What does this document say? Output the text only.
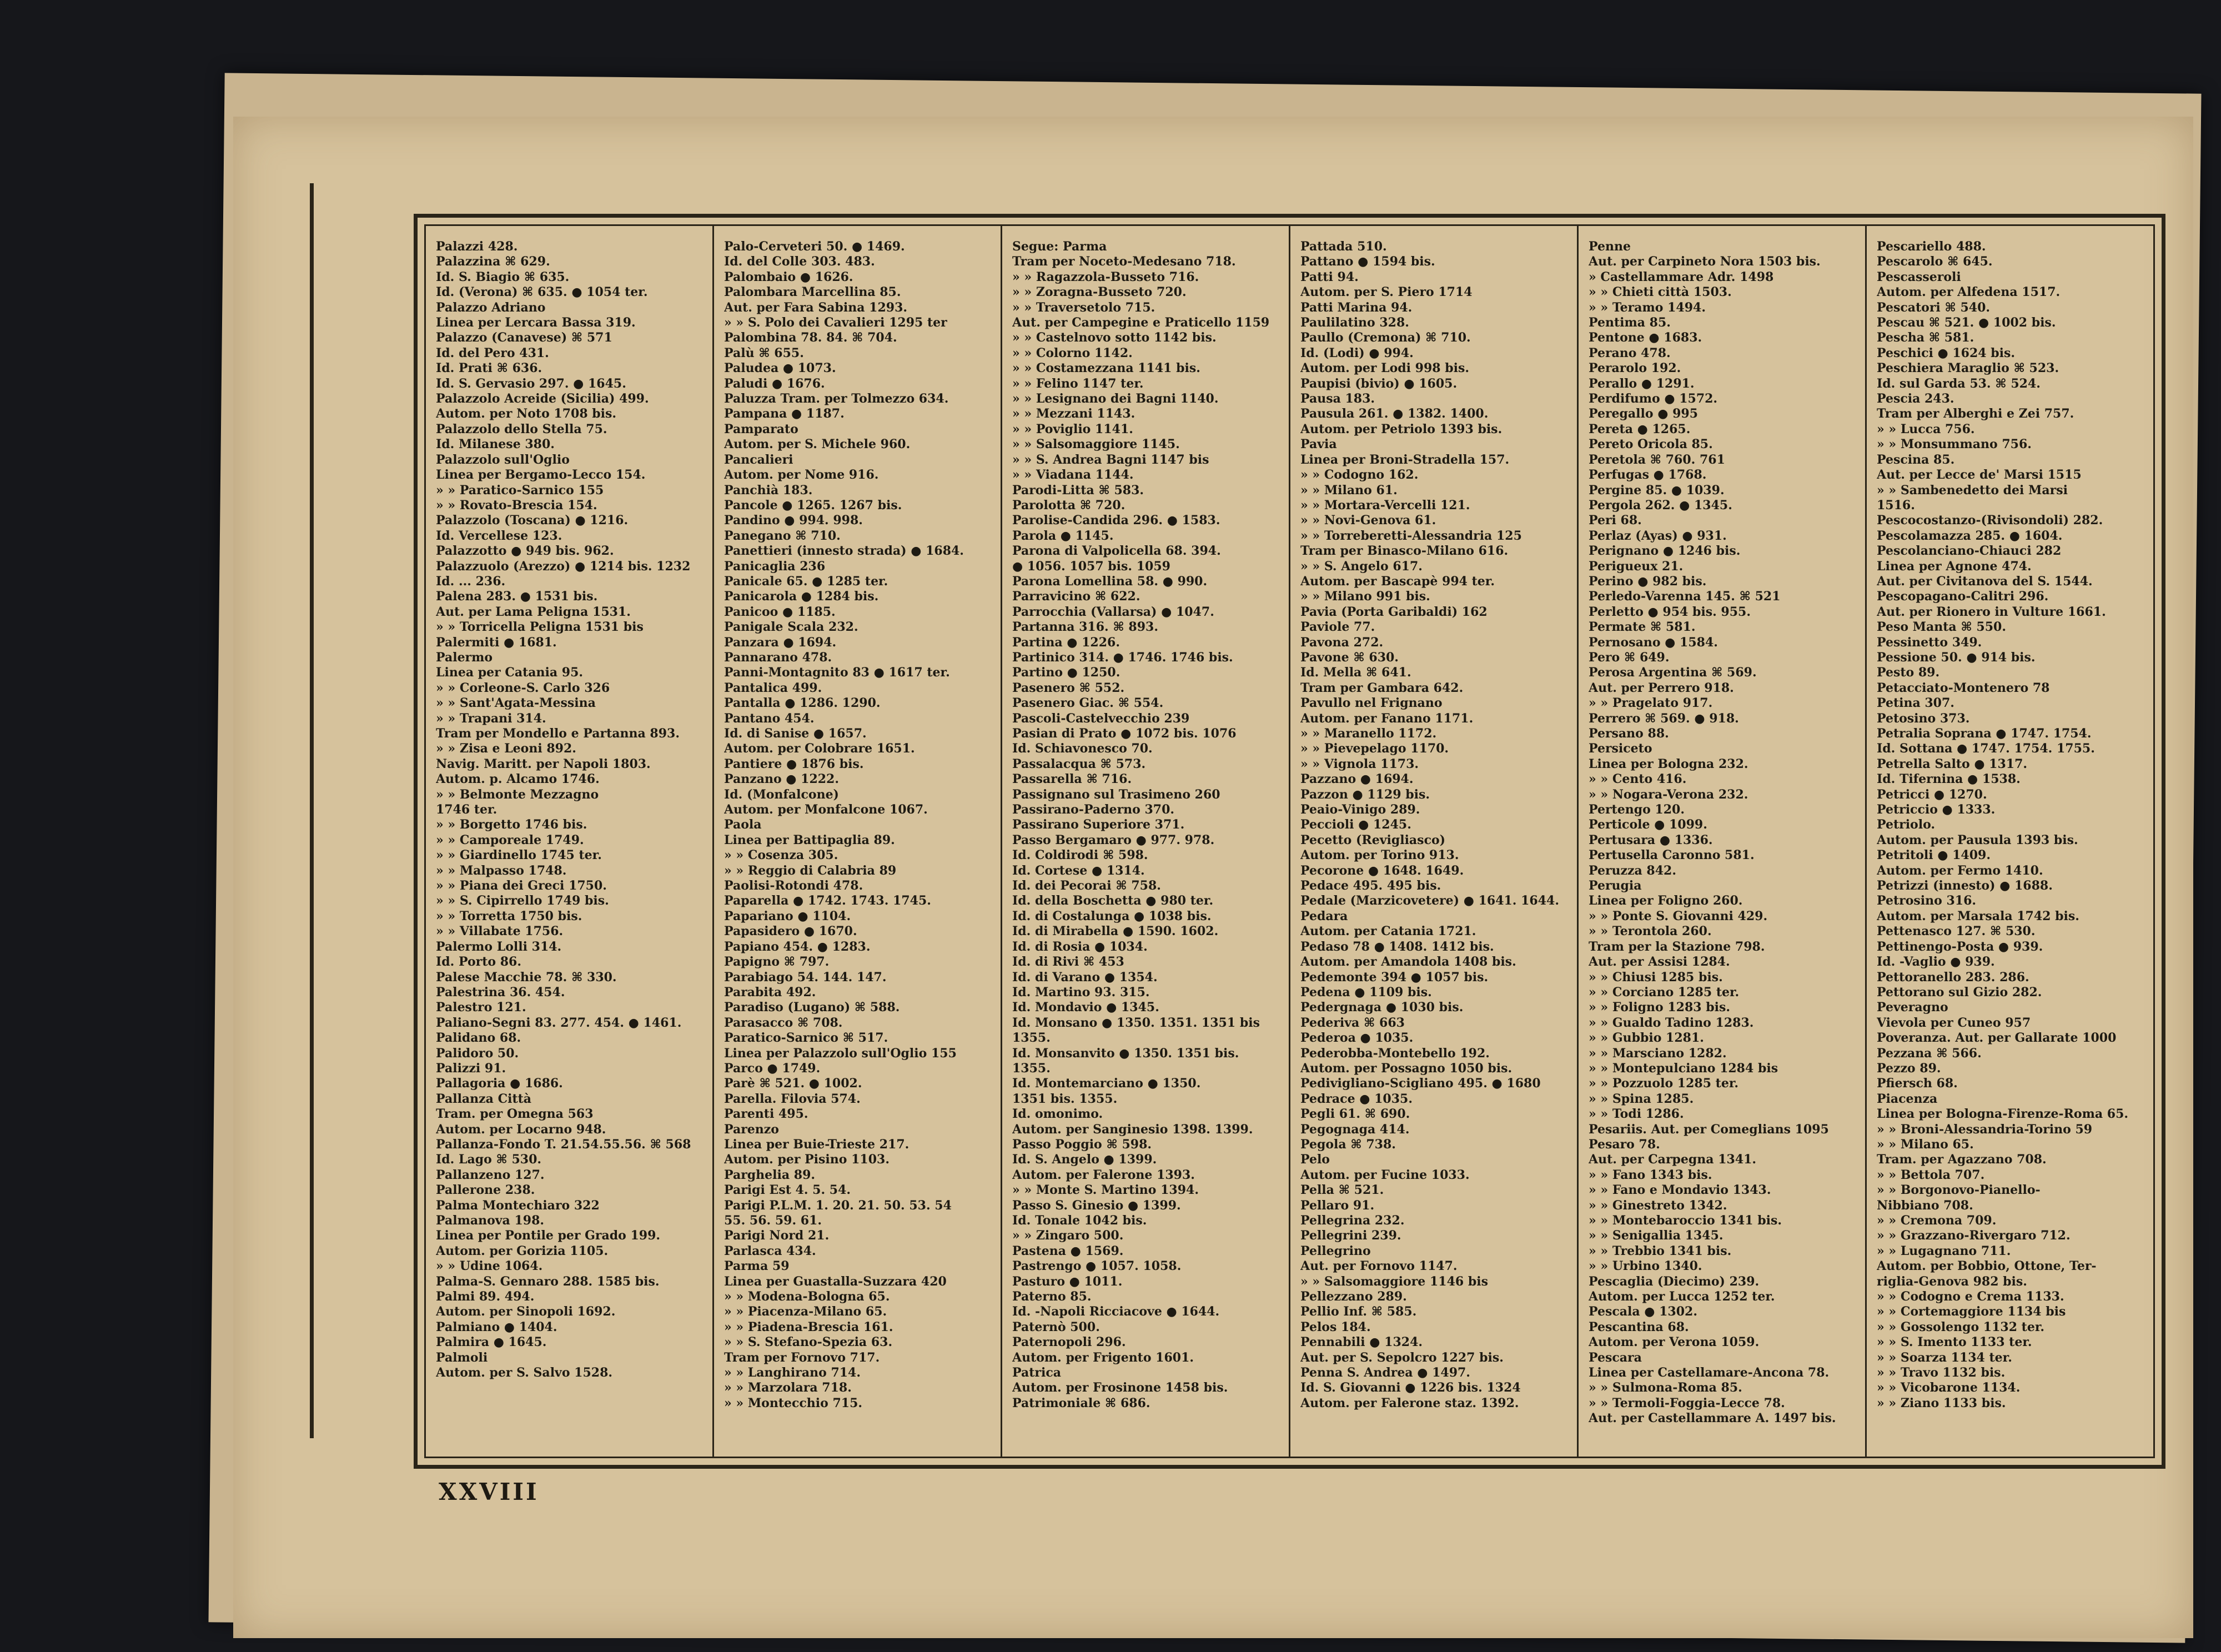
Palazzi 428.
Palazzina ⌘ 629.
Id. S. Biagio ⌘ 635.
Id. (Verona) ⌘ 635. ● 1054 ter.
Palazzo Adriano
Linea per Lercara Bassa 319.
Palazzo (Canavese) ⌘ 571
Id. del Pero 431.
Id. Prati ⌘ 636.
Id. S. Gervasio 297. ● 1645.
Palazzolo Acreide (Sicilia) 499.
Autom. per Noto 1708 bis.
Palazzolo dello Stella 75.
Id. Milanese 380.
Palazzolo sull'Oglio
Linea per Bergamo-Lecco 154.
» » Paratico-Sarnico 155
» » Rovato-Brescia 154.
Palazzolo (Toscana) ● 1216.
Id. Vercellese 123.
Palazzotto ● 949 bis. 962.
Palazzuolo (Arezzo) ● 1214 bis. 1232
Id. ... 236.
Palena 283. ● 1531 bis.
Aut. per Lama Peligna 1531.
» » Torricella Peligna 1531 bis
Palermiti ● 1681.
Palermo
Linea per Catania 95.
» » Corleone-S. Carlo 326
» » Sant'Agata-Messina
» » Trapani 314.
Tram per Mondello e Partanna 893.
» » Zisa e Leoni 892.
Navig. Maritt. per Napoli 1803.
Autom. p. Alcamo 1746.
» » Belmonte Mezzagno
1746 ter.
» » Borgetto 1746 bis.
» » Camporeale 1749.
» » Giardinello 1745 ter.
» » Malpasso 1748.
» » Piana dei Greci 1750.
» » S. Cipirrello 1749 bis.
» » Torretta 1750 bis.
» » Villabate 1756.
Palermo Lolli 314.
Id. Porto 86.
Palese Macchie 78. ⌘ 330.
Palestrina 36. 454.
Palestro 121.
Paliano-Segni 83. 277. 454. ● 1461.
Palidano 68.
Palidoro 50.
Palizzi 91.
Pallagoria ● 1686.
Pallanza Città
Tram. per Omegna 563
Autom. per Locarno 948.
Pallanza-Fondo T. 21.54.55.56. ⌘ 568
Id. Lago ⌘ 530.
Pallanzeno 127.
Pallerone 238.
Palma Montechiaro 322
Palmanova 198.
Linea per Pontile per Grado 199.
Autom. per Gorizia 1105.
» » Udine 1064.
Palma-S. Gennaro 288. 1585 bis.
Palmi 89. 494.
Autom. per Sinopoli 1692.
Palmiano ● 1404.
Palmira ● 1645.
Palmoli
Autom. per S. Salvo 1528.
Palo-Cerveteri 50. ● 1469.
Id. del Colle 303. 483.
Palombaio ● 1626.
Palombara Marcellina 85.
Aut. per Fara Sabina 1293.
» » S. Polo dei Cavalieri 1295 ter
Palombina 78. 84. ⌘ 704.
Palù ⌘ 655.
Paludea ● 1073.
Paludi ● 1676.
Paluzza Tram. per Tolmezzo 634.
Pampana ● 1187.
Pamparato
Autom. per S. Michele 960.
Pancalieri
Autom. per Nome 916.
Panchià 183.
Pancole ● 1265. 1267 bis.
Pandino ● 994. 998.
Panegano ⌘ 710.
Panettieri (innesto strada) ● 1684.
Panicaglia 236
Panicale 65. ● 1285 ter.
Panicarola ● 1284 bis.
Panicoo ● 1185.
Panigale Scala 232.
Panzara ● 1694.
Pannarano 478.
Panni-Montagnito 83 ● 1617 ter.
Pantalica 499.
Pantalla ● 1286. 1290.
Pantano 454.
Id. di Sanise ● 1657.
Autom. per Colobrare 1651.
Pantiere ● 1876 bis.
Panzano ● 1222.
Id. (Monfalcone)
Autom. per Monfalcone 1067.
Paola
Linea per Battipaglia 89.
» » Cosenza 305.
» » Reggio di Calabria 89
Paolisi-Rotondi 478.
Paparella ● 1742. 1743. 1745.
Papariano ● 1104.
Papasidero ● 1670.
Papiano 454. ● 1283.
Papigno ⌘ 797.
Parabiago 54. 144. 147.
Parabita 492.
Paradiso (Lugano) ⌘ 588.
Parasacco ⌘ 708.
Paratico-Sarnico ⌘ 517.
Linea per Palazzolo sull'Oglio 155
Parco ● 1749.
Parè ⌘ 521. ● 1002.
Parella. Filovia 574.
Parenti 495.
Parenzo
Linea per Buie-Trieste 217.
Autom. per Pisino 1103.
Parghelia 89.
Parigi Est 4. 5. 54.
Parigi P.L.M. 1. 20. 21. 50. 53. 54
55. 56. 59. 61.
Parigi Nord 21.
Parlasca 434.
Parma 59
Linea per Guastalla-Suzzara 420
» » Modena-Bologna 65.
» » Piacenza-Milano 65.
» » Piadena-Brescia 161.
» » S. Stefano-Spezia 63.
Tram per Fornovo 717.
» » Langhirano 714.
» » Marzolara 718.
» » Montecchio 715.
Segue: Parma
Tram per Noceto-Medesano 718.
» » Ragazzola-Busseto 716.
» » Zoragna-Busseto 720.
» » Traversetolo 715.
Aut. per Campegine e Praticello 1159
» » Castelnovo sotto 1142 bis.
» » Colorno 1142.
» » Costamezzana 1141 bis.
» » Felino 1147 ter.
» » Lesignano dei Bagni 1140.
» » Mezzani 1143.
» » Poviglio 1141.
» » Salsomaggiore 1145.
» » S. Andrea Bagni 1147 bis
» » Viadana 1144.
Parodi-Litta ⌘ 583.
Parolotta ⌘ 720.
Parolise-Candida 296. ● 1583.
Parola ● 1145.
Parona di Valpolicella 68. 394.
● 1056. 1057 bis. 1059
Parona Lomellina 58. ● 990.
Parravicino ⌘ 622.
Parrocchia (Vallarsa) ● 1047.
Partanna 316. ⌘ 893.
Partina ● 1226.
Partinico 314. ● 1746. 1746 bis.
Partino ● 1250.
Pasenero ⌘ 552.
Pasenero Giac. ⌘ 554.
Pascoli-Castelvecchio 239
Pasian di Prato ● 1072 bis. 1076
Id. Schiavonesco 70.
Passalacqua ⌘ 573.
Passarella ⌘ 716.
Passignano sul Trasimeno 260
Passirano-Paderno 370.
Passirano Superiore 371.
Passo Bergamaro ● 977. 978.
Id. Coldirodi ⌘ 598.
Id. Cortese ● 1314.
Id. dei Pecorai ⌘ 758.
Id. della Boschetta ● 980 ter.
Id. di Costalunga ● 1038 bis.
Id. di Mirabella ● 1590. 1602.
Id. di Rosia ● 1034.
Id. di Rivi ⌘ 453
Id. di Varano ● 1354.
Id. Martino 93. 315.
Id. Mondavio ● 1345.
Id. Monsano ● 1350. 1351. 1351 bis
1355.
Id. Monsanvito ● 1350. 1351 bis.
1355.
Id. Montemarciano ● 1350.
1351 bis. 1355.
Id. omonimo.
Autom. per Sanginesio 1398. 1399.
Passo Poggio ⌘ 598.
Id. S. Angelo ● 1399.
Autom. per Falerone 1393.
» » Monte S. Martino 1394.
Passo S. Ginesio ● 1399.
Id. Tonale 1042 bis.
» » Zingaro 500.
Pastena ● 1569.
Pastrengo ● 1057. 1058.
Pasturo ● 1011.
Paterno 85.
Id. -Napoli Ricciacove ● 1644.
Paternò 500.
Paternopoli 296.
Autom. per Frigento 1601.
Patrica
Autom. per Frosinone 1458 bis.
Patrimoniale ⌘ 686.
Pattada 510.
Pattano ● 1594 bis.
Patti 94.
Autom. per S. Piero 1714
Patti Marina 94.
Paulilatino 328.
Paullo (Cremona) ⌘ 710.
Id. (Lodi) ● 994.
Autom. per Lodi 998 bis.
Paupisi (bivio) ● 1605.
Pausa 183.
Pausula 261. ● 1382. 1400.
Autom. per Petriolo 1393 bis.
Pavia
Linea per Broni-Stradella 157.
» » Codogno 162.
» » Milano 61.
» » Mortara-Vercelli 121.
» » Novi-Genova 61.
» » Torreberetti-Alessandria 125
Tram per Binasco-Milano 616.
» » S. Angelo 617.
Autom. per Bascapè 994 ter.
» » Milano 991 bis.
Pavia (Porta Garibaldi) 162
Paviole 77.
Pavona 272.
Pavone ⌘ 630.
Id. Mella ⌘ 641.
Tram per Gambara 642.
Pavullo nel Frignano
Autom. per Fanano 1171.
» » Maranello 1172.
» » Pievepelago 1170.
» » Vignola 1173.
Pazzano ● 1694.
Pazzon ● 1129 bis.
Peaio-Vinigo 289.
Peccioli ● 1245.
Pecetto (Revigliasco)
Autom. per Torino 913.
Pecorone ● 1648. 1649.
Pedace 495. 495 bis.
Pedale (Marzicovetere) ● 1641. 1644.
Pedara
Autom. per Catania 1721.
Pedaso 78 ● 1408. 1412 bis.
Autom. per Amandola 1408 bis.
Pedemonte 394 ● 1057 bis.
Pedena ● 1109 bis.
Pedergnaga ● 1030 bis.
Pederiva ⌘ 663
Pederoa ● 1035.
Pederobba-Montebello 192.
Autom. per Possagno 1050 bis.
Pedivigliano-Scigliano 495. ● 1680
Pedrace ● 1035.
Pegli 61. ⌘ 690.
Pegognaga 414.
Pegola ⌘ 738.
Pelo
Autom. per Fucine 1033.
Pella ⌘ 521.
Pellaro 91.
Pellegrina 232.
Pellegrini 239.
Pellegrino
Aut. per Fornovo 1147.
» » Salsomaggiore 1146 bis
Pellezzano 289.
Pellio Inf. ⌘ 585.
Pelos 184.
Pennabili ● 1324.
Aut. per S. Sepolcro 1227 bis.
Penna S. Andrea ● 1497.
Id. S. Giovanni ● 1226 bis. 1324
Autom. per Falerone staz. 1392.
Penne
Aut. per Carpineto Nora 1503 bis.
» Castellammare Adr. 1498
» » Chieti città 1503.
» » Teramo 1494.
Pentima 85.
Pentone ● 1683.
Perano 478.
Perarolo 192.
Perallo ● 1291.
Perdifumo ● 1572.
Peregallo ● 995
Pereta ● 1265.
Pereto Oricola 85.
Peretola ⌘ 760. 761
Perfugas ● 1768.
Pergine 85. ● 1039.
Pergola 262. ● 1345.
Peri 68.
Perlaz (Ayas) ● 931.
Perignano ● 1246 bis.
Perigueux 21.
Perino ● 982 bis.
Perledo-Varenna 145. ⌘ 521
Perletto ● 954 bis. 955.
Permate ⌘ 581.
Pernosano ● 1584.
Pero ⌘ 649.
Perosa Argentina ⌘ 569.
Aut. per Perrero 918.
» » Pragelato 917.
Perrero ⌘ 569. ● 918.
Persano 88.
Persiceto
Linea per Bologna 232.
» » Cento 416.
» » Nogara-Verona 232.
Pertengo 120.
Perticole ● 1099.
Pertusara ● 1336.
Pertusella Caronno 581.
Peruzza 842.
Perugia
Linea per Foligno 260.
» » Ponte S. Giovanni 429.
» » Terontola 260.
Tram per la Stazione 798.
Aut. per Assisi 1284.
» » Chiusi 1285 bis.
» » Corciano 1285 ter.
» » Foligno 1283 bis.
» » Gualdo Tadino 1283.
» » Gubbio 1281.
» » Marsciano 1282.
» » Montepulciano 1284 bis
» » Pozzuolo 1285 ter.
» » Spina 1285.
» » Todi 1286.
Pesariis. Aut. per Comeglians 1095
Pesaro 78.
Aut. per Carpegna 1341.
» » Fano 1343 bis.
» » Fano e Mondavio 1343.
» » Ginestreto 1342.
» » Montebaroccio 1341 bis.
» » Senigallia 1345.
» » Trebbio 1341 bis.
» » Urbino 1340.
Pescaglia (Diecimo) 239.
Autom. per Lucca 1252 ter.
Pescala ● 1302.
Pescantina 68.
Autom. per Verona 1059.
Pescara
Linea per Castellamare-Ancona 78.
» » Sulmona-Roma 85.
» » Termoli-Foggia-Lecce 78.
Aut. per Castellammare A. 1497 bis.
Pescariello 488.
Pescarolo ⌘ 645.
Pescasseroli
Autom. per Alfedena 1517.
Pescatori ⌘ 540.
Pescau ⌘ 521. ● 1002 bis.
Pescha ⌘ 581.
Peschici ● 1624 bis.
Peschiera Maraglio ⌘ 523.
Id. sul Garda 53. ⌘ 524.
Pescia 243.
Tram per Alberghi e Zei 757.
» » Lucca 756.
» » Monsummano 756.
Pescina 85.
Aut. per Lecce de' Marsi 1515
» » Sambenedetto dei Marsi
1516.
Pescocostanzo-(Rivisondoli) 282.
Pescolamazza 285. ● 1604.
Pescolanciano-Chiauci 282
Linea per Agnone 474.
Aut. per Civitanova del S. 1544.
Pescopagano-Calitri 296.
Aut. per Rionero in Vulture 1661.
Peso Manta ⌘ 550.
Pessinetto 349.
Pessione 50. ● 914 bis.
Pesto 89.
Petacciato-Montenero 78
Petina 307.
Petosino 373.
Petralia Soprana ● 1747. 1754.
Id. Sottana ● 1747. 1754. 1755.
Petrella Salto ● 1317.
Id. Tifernina ● 1538.
Petricci ● 1270.
Petriccio ● 1333.
Petriolo.
Autom. per Pausula 1393 bis.
Petritoli ● 1409.
Autom. per Fermo 1410.
Petrizzi (innesto) ● 1688.
Petrosino 316.
Autom. per Marsala 1742 bis.
Pettenasco 127. ⌘ 530.
Pettinengo-Posta ● 939.
Id. -Vaglio ● 939.
Pettoranello 283. 286.
Pettorano sul Gizio 282.
Peveragno
Vievola per Cuneo 957
Poveranza. Aut. per Gallarate 1000
Pezzana ⌘ 566.
Pezzo 89.
Pfiersch 68.
Piacenza
Linea per Bologna-Firenze-Roma 65.
» » Broni-Alessandria-Torino 59
» » Milano 65.
Tram. per Agazzano 708.
» » Bettola 707.
» » Borgonovo-Pianello-
Nibbiano 708.
» » Cremona 709.
» » Grazzano-Rivergaro 712.
» » Lugagnano 711.
Autom. per Bobbio, Ottone, Ter-
riglia-Genova 982 bis.
» » Codogno e Crema 1133.
» » Cortemaggiore 1134 bis
» » Gossolengo 1132 ter.
» » S. Imento 1133 ter.
» » Soarza 1134 ter.
» » Travo 1132 bis.
» » Vicobarone 1134.
» » Ziano 1133 bis.
XXVIII
